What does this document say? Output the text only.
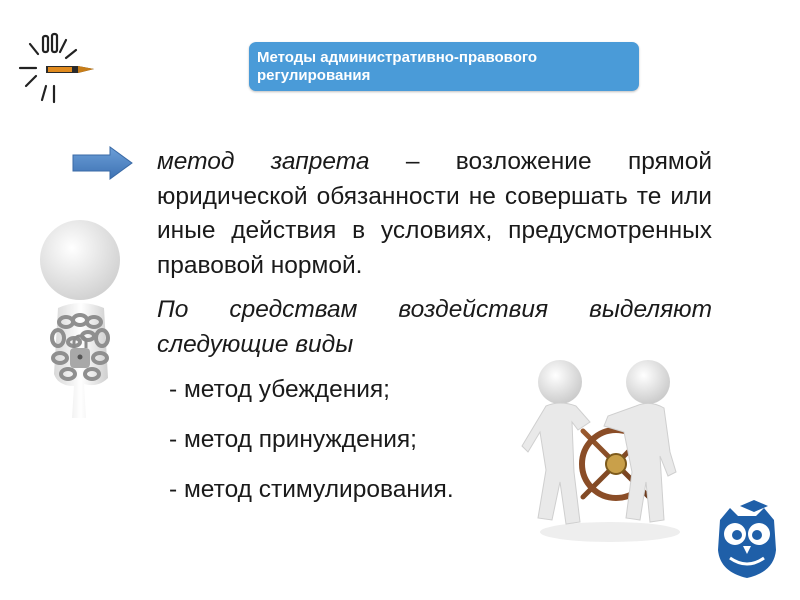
Методы административно-правового регулирования

метод запрета – возложение прямой юридической обязанности не совершать те или иные действия в условиях, предусмотренных правовой нормой.

По средствам воздействия выделяют следующие виды

- метод убеждения;
- метод принуждения;
- метод стимулирования.
